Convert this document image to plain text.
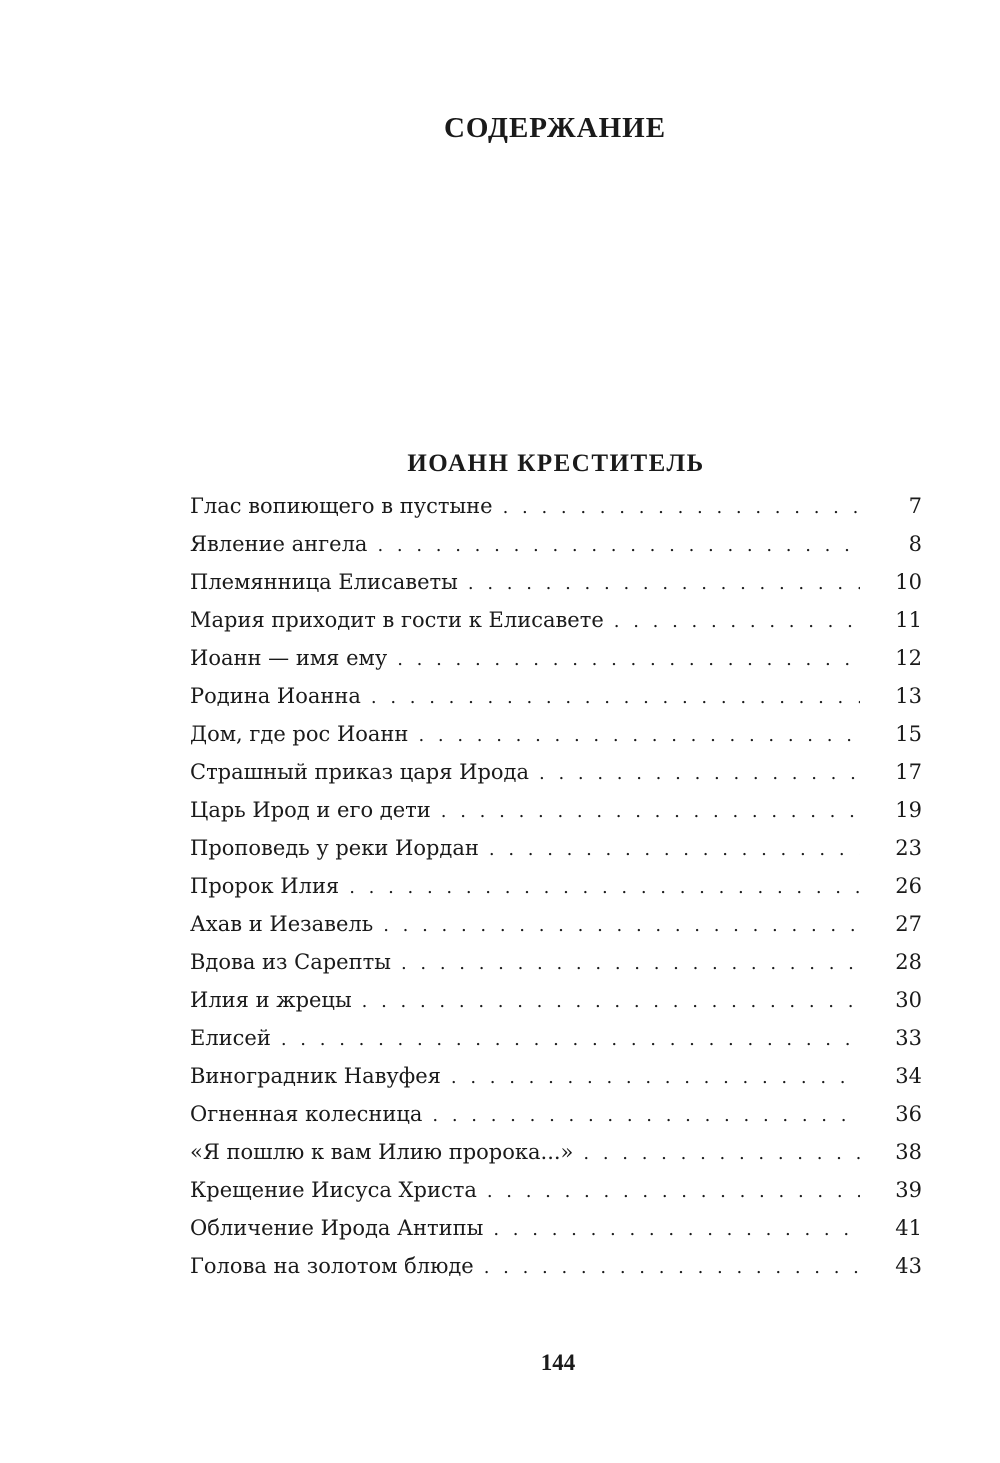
СОДЕРЖАНИЕ
ИОАНН КРЕСТИТЕЛЬ
Глас вопиющего в пустыне . . .	7
Явление ангела . . .	8
Племянница Елисаветы . . .	10
Мария приходит в гости к Елисавете . . .	11
Иоанн — имя ему . . .	12
Родина Иоанна . . .	13
Дом, где рос Иоанн . . .	15
Страшный приказ царя Ирода . . .	17
Царь Ирод и его дети . . .	19
Проповедь у реки Иордан . . .	23
Пророк Илия . . .	26
Ахав и Иезавель . . .	27
Вдова из Сарепты . . .	28
Илия и жрецы . . .	30
Елисей . . .	33
Виноградник Навуфея . . .	34
Огненная колесница . . .	36
«Я пошлю к вам Илию пророка...» . . .	38
Крещение Иисуса Христа . . .	39
Обличение Ирода Антипы . . .	41
Голова на золотом блюде . . .	43
144
